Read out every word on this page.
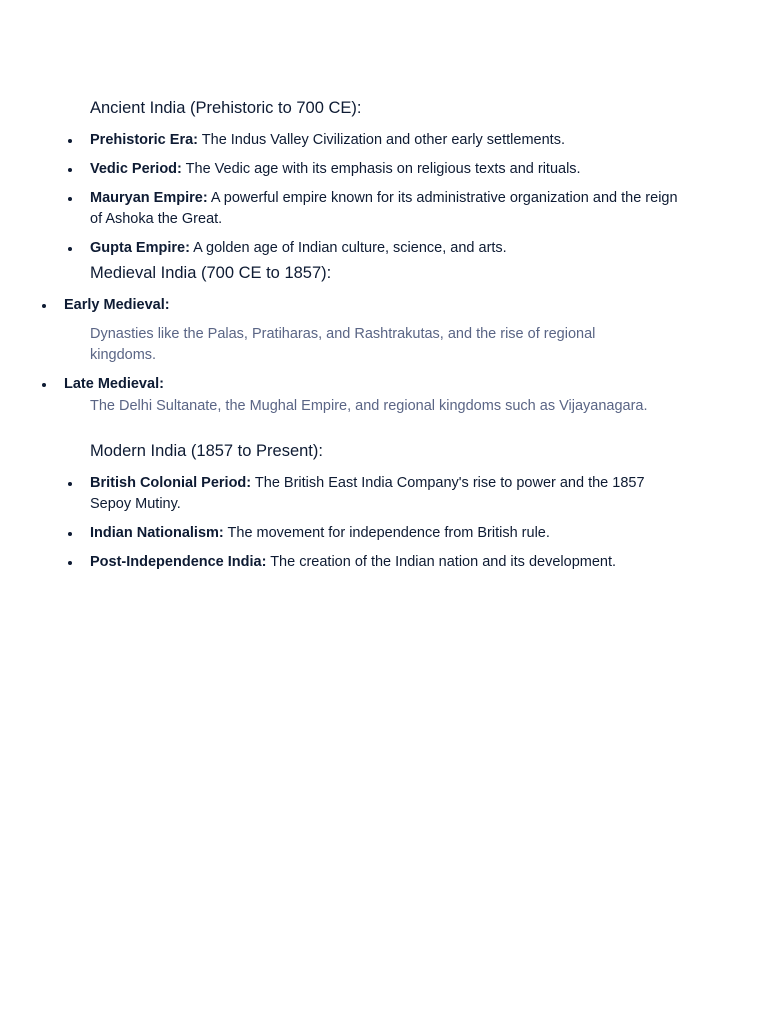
Ancient India (Prehistoric to 700 CE):
Prehistoric Era: The Indus Valley Civilization and other early settlements.
Vedic Period: The Vedic age with its emphasis on religious texts and rituals.
Mauryan Empire: A powerful empire known for its administrative organization and the reign of Ashoka the Great.
Gupta Empire: A golden age of Indian culture, science, and arts.
Medieval India (700 CE to 1857):
Early Medieval:

Dynasties like the Palas, Pratiharas, and Rashtrakutas, and the rise of regional kingdoms.

Late Medieval:

The Delhi Sultanate, the Mughal Empire, and regional kingdoms such as Vijayanagara.

Modern India (1857 to Present):
British Colonial Period: The British East India Company's rise to power and the 1857 Sepoy Mutiny.
Indian Nationalism: The movement for independence from British rule.
Post-Independence India: The creation of the Indian nation and its development.
